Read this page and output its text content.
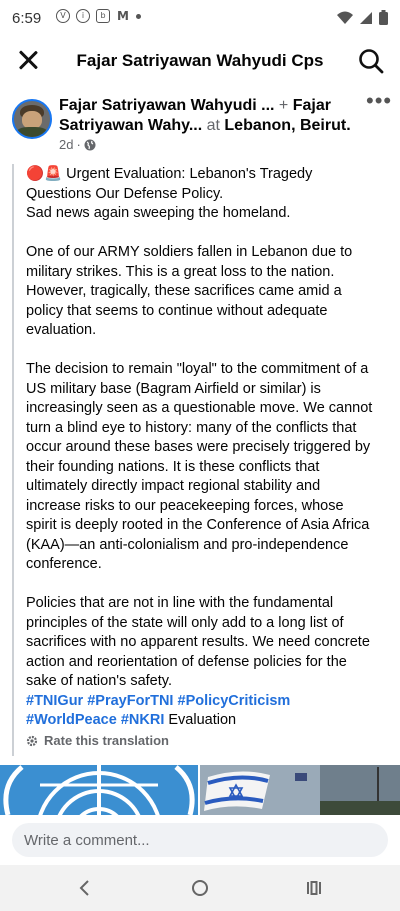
6:59	V	i	b M
Fajar Satriyawan Wahyudi Cps
Fajar Satriyawan Wahyudi ... + Fajar
Satriyawan Wahy... at Lebanon, Beirut.
2d ·
•••

🔴🚨 Urgent Evaluation: Lebanon's Tragedy Questions Our Defense Policy.

Sad news again sweeping the homeland.

One of our ARMY soldiers fallen in Lebanon due to military strikes. This is a great loss to the nation. However, tragically, these sacrifices came amid a policy that seems to continue without adequate evaluation.

The decision to remain "loyal" to the commitment of a US military base (Bagram Airfield or similar) is increasingly seen as a questionable move. We cannot turn a blind eye to history: many of the conflicts that occur around these bases were precisely triggered by their founding nations. It is these conflicts that ultimately directly impact regional stability and increase risks to our peacekeeping forces, whose spirit is deeply rooted in the Conference of Asia Africa (KAA)—an anti-colonialism and pro-independence conference.

Policies that are not in line with the fundamental principles of the state will only add to a long list of sacrifices with no apparent results. We need concrete action and reorientation of defense policies for the sake of nation's safety.

#TNIGur #PrayForTNI #PolicyCriticism #WorldPeace #NKRI Evaluation

Rate this translation
Write a comment...
